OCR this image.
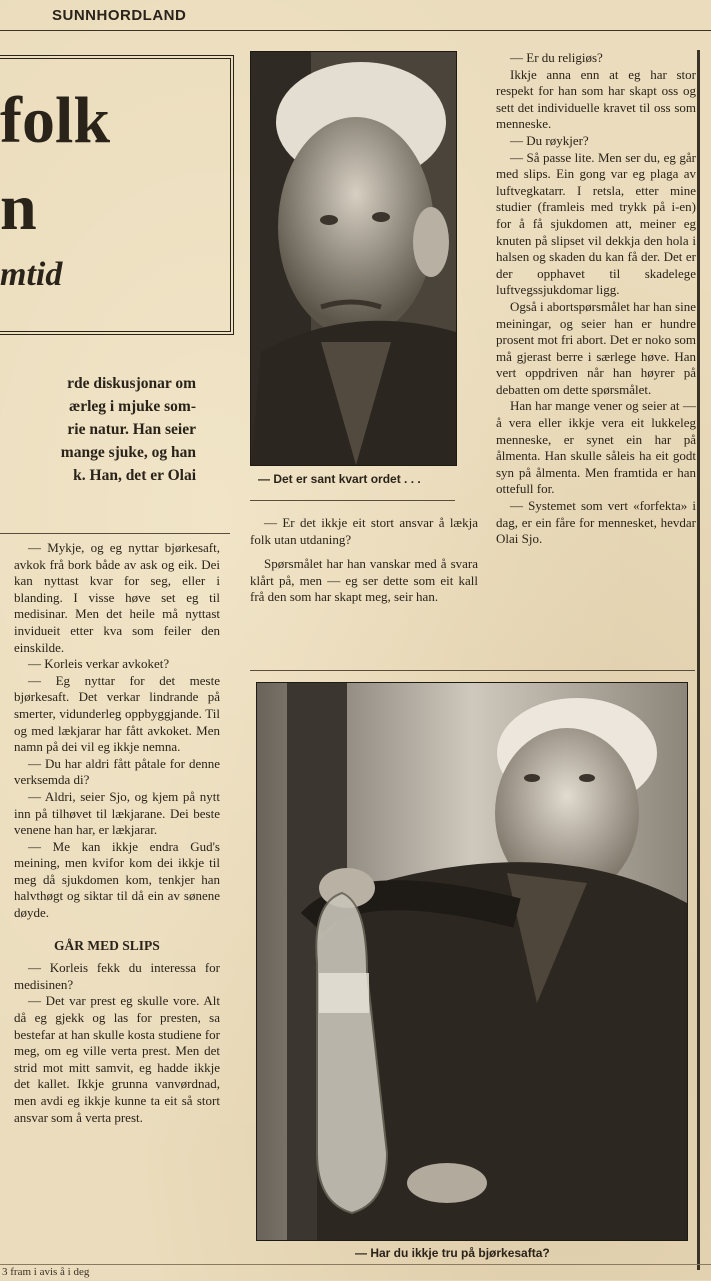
SUNNHORDLAND
folk
n
mtid
rde diskusjonar om
ærleg i mjuke som-
rie natur. Han seier
mange sjuke, og han
k. Han, det er Olai

— Mykje, og eg nyttar bjørkesaft, avkok frå bork både av ask og eik. Dei kan nyttast kvar for seg, eller i blanding. I visse høve set eg til medisinar. Men det heile må nyttast invidueit etter kva som feiler den einskilde.

— Korleis verkar avkoket?

— Eg nyttar for det meste bjørkesaft. Det verkar lindrande på smerter, vidunderleg oppbyggjande. Til og med lækjarar har fått avkoket. Men namn på dei vil eg ikkje nemna.

— Du har aldri fått påtale for denne verksemda di?

— Aldri, seier Sjo, og kjem på nytt inn på tilhøvet til lækjarane. Dei beste venene han har, er lækjarar.

— Me kan ikkje endra Gud's meining, men kvifor kom dei ikkje til meg då sjukdomen kom, tenkjer han halvthøgt og siktar til då ein av sønene døyde.

GÅR MED SLIPS

— Korleis fekk du interessa for medisinen?

— Det var prest eg skulle vore. Alt då eg gjekk og las for presten, sa bestefar at han skulle kosta studiene for meg, om eg ville verta prest. Men det strid mot mitt samvit, eg hadde ikkje det kallet. Ikkje grunna vanvørdnad, men avdi eg ikkje kunne ta eit så stort ansvar som å verta prest.

— Det er sant kvart ordet . . .

— Er det ikkje eit stort ansvar å lækja folk utan utdaning?

Spørsmålet har han vanskar med å svara klårt på, men — eg ser dette som eit kall frå den som har skapt meg, seir han.

— Er du religiøs?

Ikkje anna enn at eg har stor respekt for han som har skapt oss og sett det individuelle kravet til oss som menneske.

— Du røykjer?

— Så passe lite. Men ser du, eg går med slips. Ein gong var eg plaga av luftvegkatarr. I retsla, etter mine studier (framleis med trykk på i-en) for å få sjukdomen att, meiner eg knuten på slipset vil dekkja den hola i halsen og skaden du kan få der. Det er der opphavet til skadelege luftvegssjukdomar ligg.

Også i abortspørsmålet har han sine meiningar, og seier han er hundre prosent mot fri abort. Det er noko som må gjerast berre i særlege høve. Han vert oppdriven når han høyrer på debatten om dette spørsmålet.

Han har mange vener og seier at — å vera eller ikkje vera eit lukkeleg menneske, er synet ein har på ålmenta. Han skulle såleis ha eit godt syn på ålmenta. Men framtida er han ottefull for.

— Systemet som vert «forfekta» i dag, er ein fåre for mennesket, hevdar Olai Sjo.

— Har du ikkje tru på bjørkesafta?
3 fram i avis å i deg
